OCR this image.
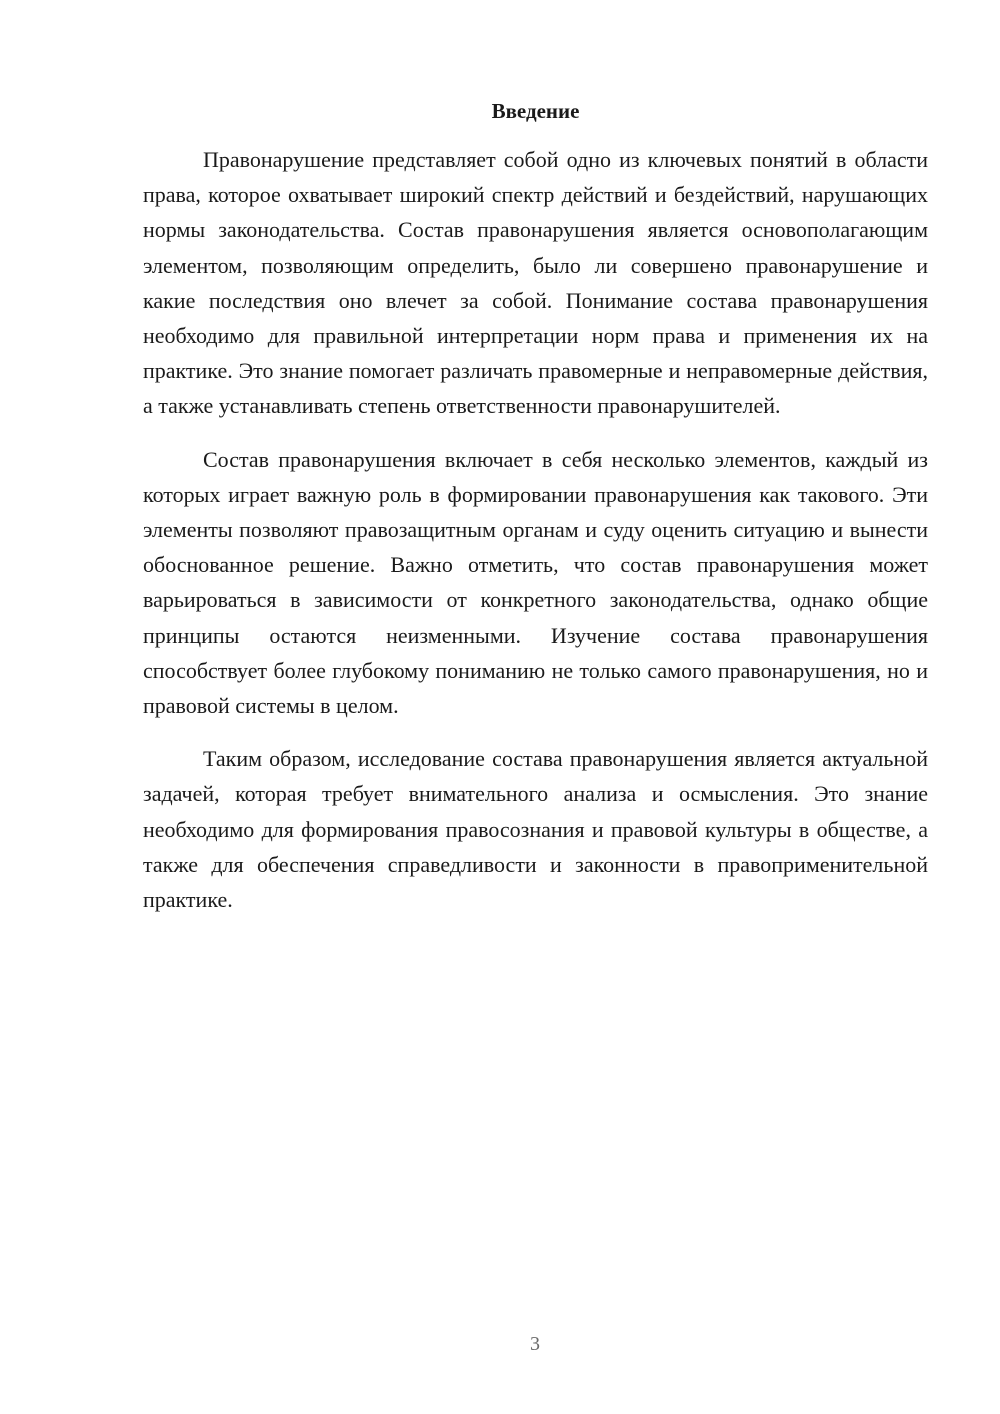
Введение

Правонарушение представляет собой одно из ключевых понятий в области права, которое охватывает широкий спектр действий и бездействий, нарушающих нормы законодательства. Состав правонарушения является основополагающим элементом, позволяющим определить, было ли совершено правонарушение и какие последствия оно влечет за собой. Понимание состава правонарушения необходимо для правильной интерпретации норм права и применения их на практике. Это знание помогает различать правомерные и неправомерные действия, а также устанавливать степень ответственности правонарушителей.

Состав правонарушения включает в себя несколько элементов, каждый из которых играет важную роль в формировании правонарушения как такового. Эти элементы позволяют правозащитным органам и суду оценить ситуацию и вынести обоснованное решение. Важно отметить, что состав правонарушения может варьироваться в зависимости от конкретного законодательства, однако общие принципы остаются неизменными. Изучение состава правонарушения способствует более глубокому пониманию не только самого правонарушения, но и правовой системы в целом.

Таким образом, исследование состава правонарушения является актуальной задачей, которая требует внимательного анализа и осмысления. Это знание необходимо для формирования правосознания и правовой культуры в обществе, а также для обеспечения справедливости и законности в правоприменительной практике.

3
